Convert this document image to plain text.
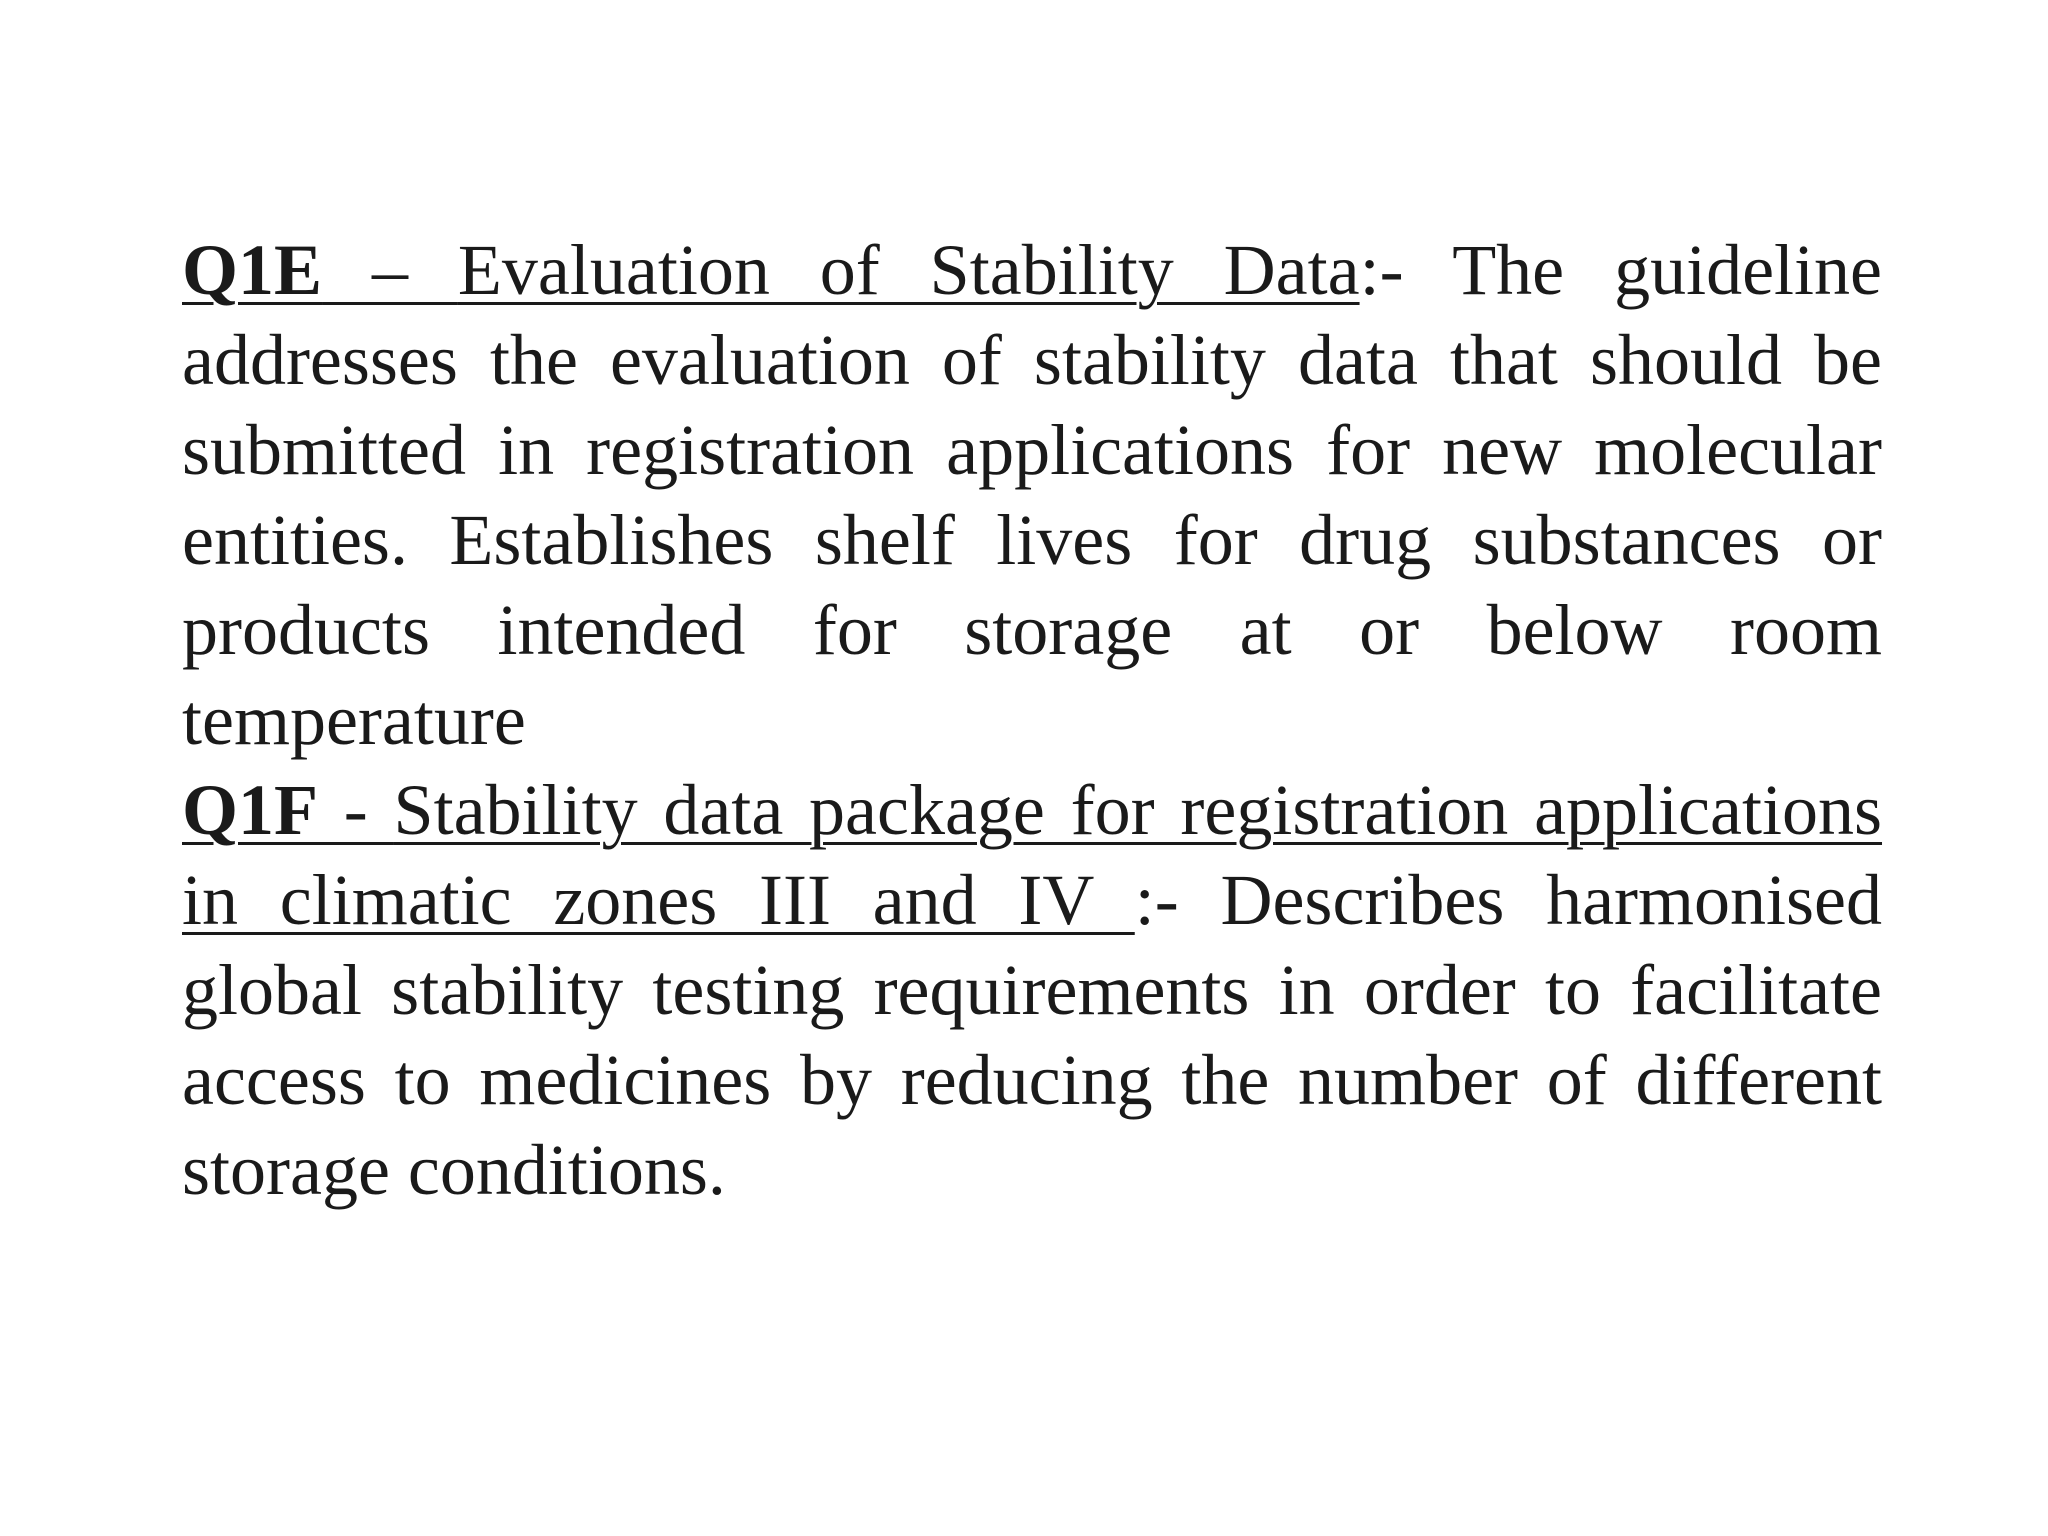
Q1E – Evaluation of Stability Data:- The guideline addresses the evaluation of stability data that should be submitted in registration applications for new molecular entities. Establishes shelf lives for drug substances or products intended for storage at or below room temperature

Q1F - Stability data package for registration applications in climatic zones III and IV :- Describes harmonised global stability testing requirements in order to facilitate access to medicines by reducing the number of different storage conditions.
